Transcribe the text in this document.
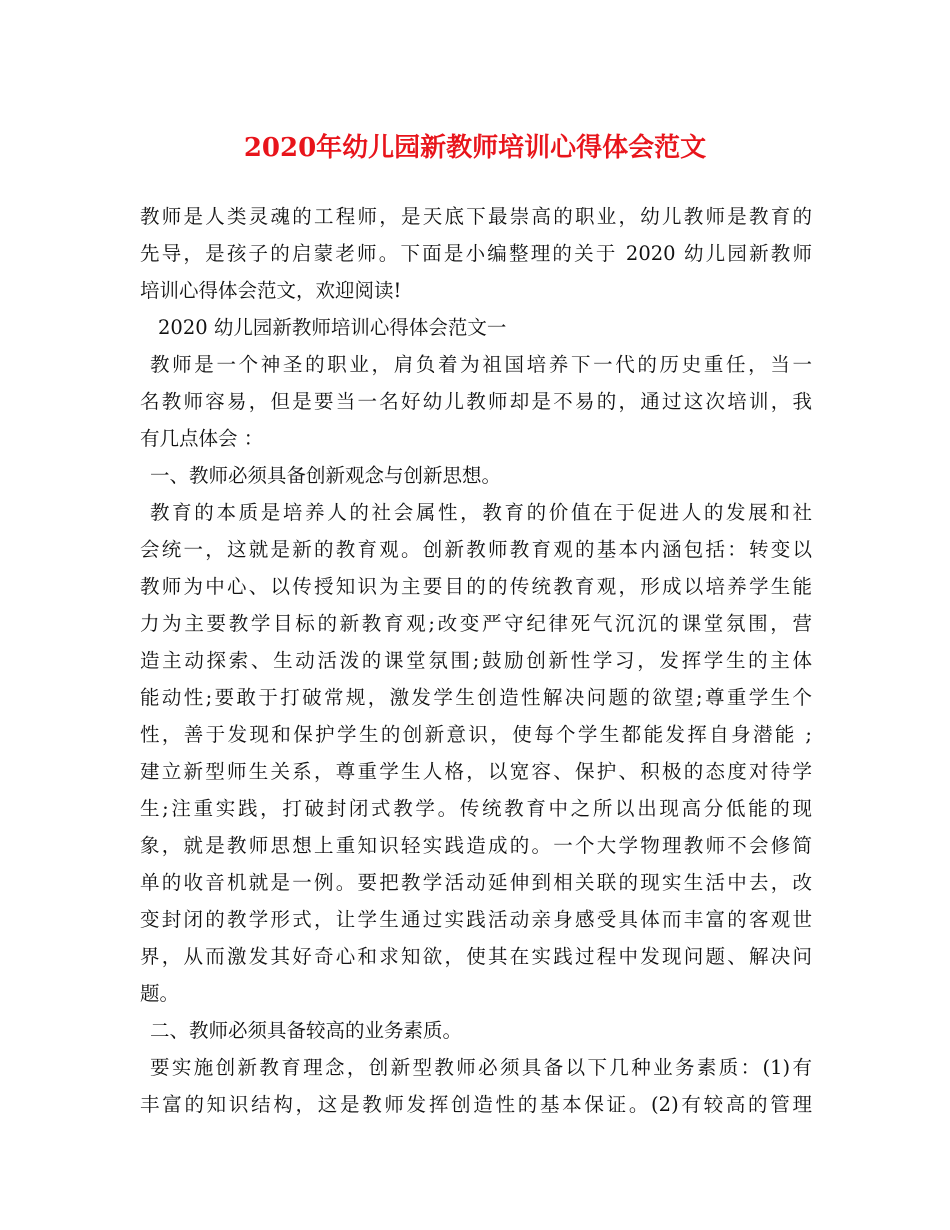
2020年幼儿园新教师培训心得体会范文
教师是人类灵魂的工程师，是天底下最崇高的职业，幼儿教师是教育的
先导，是孩子的启蒙老师。下面是小编整理的关于 2020 幼儿园新教师
培训心得体会范文，欢迎阅读!
2020 幼儿园新教师培训心得体会范文一
教师是一个神圣的职业，肩负着为祖国培养下一代的历史重任，当一
名教师容易，但是要当一名好幼儿教师却是不易的，通过这次培训，我
有几点体会 ：
一、教师必须具备创新观念与创新思想。
教育的本质是培养人的社会属性，教育的价值在于促进人的发展和社
会统一，这就是新的教育观。创新教师教育观的基本内涵包括：转变以
教师为中心、以传授知识为主要目的的传统教育观，形成以培养学生能
力为主要教学目标的新教育观;改变严守纪律死气沉沉的课堂氛围，营
造主动探索、生动活泼的课堂氛围;鼓励创新性学习，发挥学生的主体
能动性;要敢于打破常规，激发学生创造性解决问题的欲望;尊重学生个
性，善于发现和保护学生的创新意识，使每个学生都能发挥自身潜能 ;
建立新型师生关系，尊重学生人格，以宽容、保护、积极的态度对待学
生;注重实践，打破封闭式教学。传统教育中之所以出现高分低能的现
象，就是教师思想上重知识轻实践造成的。一个大学物理教师不会修简
单的收音机就是一例。要把教学活动延伸到相关联的现实生活中去，改
变封闭的教学形式，让学生通过实践活动亲身感受具体而丰富的客观世
界，从而激发其好奇心和求知欲，使其在实践过程中发现问题、解决问
题。
二、教师必须具备较高的业务素质。
要实施创新教育理念，创新型教师必须具备以下几种业务素质：(1)有
丰富的知识结构，这是教师发挥创造性的基本保证。(2)有较高的管理
